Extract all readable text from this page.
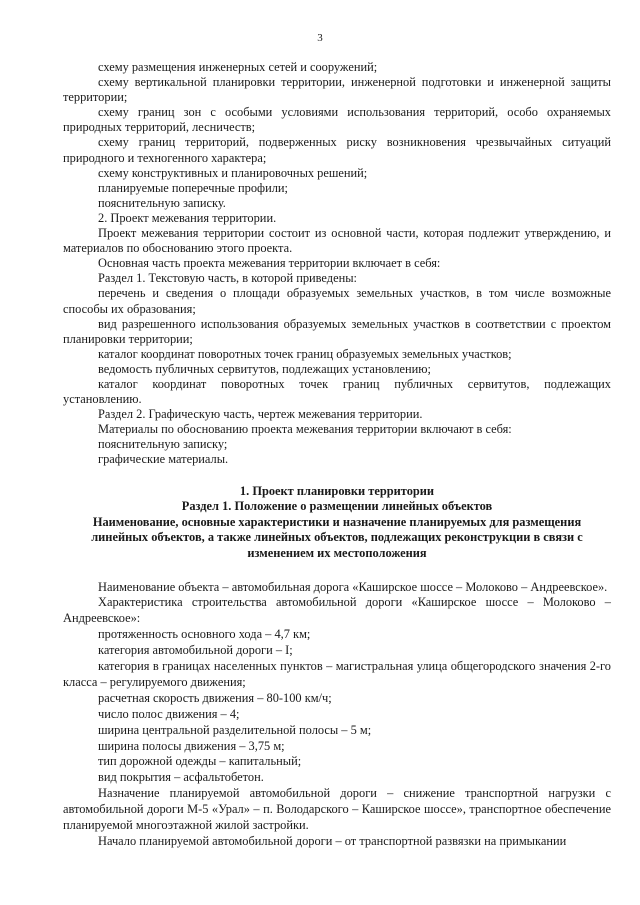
3

схему размещения инженерных сетей и сооружений;

схему вертикальной планировки территории, инженерной подготовки и инженерной защиты территории;

схему границ зон с особыми условиями использования территорий, особо охраняемых природных территорий, лесничеств;

схему границ территорий, подверженных риску возникновения чрезвычайных ситуаций природного и техногенного характера;

схему конструктивных и планировочных решений;

планируемые поперечные профили;

пояснительную записку.

2. Проект межевания территории.

Проект межевания территории состоит из основной части, которая подлежит утверждению, и материалов по обоснованию этого проекта.

Основная часть проекта межевания территории включает в себя:

Раздел 1. Текстовую часть, в которой приведены:

перечень и сведения о площади образуемых земельных участков, в том числе возможные способы их образования;

вид разрешенного использования образуемых земельных участков в соответствии с проектом планировки территории;

каталог координат поворотных точек границ образуемых земельных участков;

ведомость публичных сервитутов, подлежащих установлению;

каталог координат поворотных точек границ публичных сервитутов, подлежащих установлению.

Раздел 2. Графическую часть, чертеж межевания территории.

Материалы по обоснованию проекта межевания территории включают в себя:

пояснительную записку;

графические материалы.

1. Проект планировки территории
Раздел 1. Положение о размещении линейных объектов
Наименование, основные характеристики и назначение планируемых для размещения линейных объектов, а также линейных объектов, подлежащих реконструкции в связи с изменением их местоположения

Наименование объекта – автомобильная дорога «Каширское шоссе – Молоково – Андреевское».

Характеристика строительства автомобильной дороги «Каширское шоссе – Молоково – Андреевское»:

протяженность основного хода – 4,7 км;

категория автомобильной дороги – I;

категория в границах населенных пунктов – магистральная улица общегородского значения 2-го класса – регулируемого движения;

расчетная скорость движения – 80-100 км/ч;

число полос движения – 4;

ширина центральной разделительной полосы – 5 м;

ширина полосы движения – 3,75 м;

тип дорожной одежды – капитальный;

вид покрытия – асфальтобетон.

Назначение планируемой автомобильной дороги – снижение транспортной нагрузки с автомобильной дороги М-5 «Урал» – п. Володарского – Каширское шоссе», транспортное обеспечение планируемой многоэтажной жилой застройки.

Начало планируемой автомобильной дороги – от транспортной развязки на примыкании
